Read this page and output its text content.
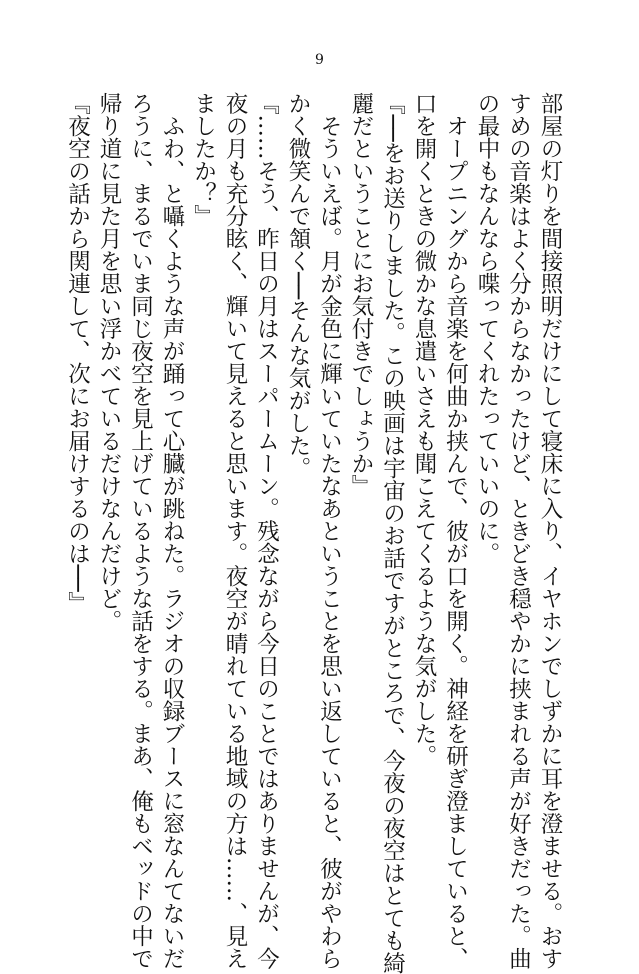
9
部屋の灯りを間接照明だけにして寝床に入り、イヤホンでしずかに耳を澄ませる。おす
すめの音楽はよく分からなかったけど、ときどき穏やかに挟まれる声が好きだった。曲
の最中もなんなら喋ってくれたっていいのに。
　オープニングから音楽を何曲か挟んで、彼が口を開く。神経を研ぎ澄ましていると、
口を開くときの微かな息遣いさえも聞こえてくるような気がした。
『──をお送りしました。この映画は宇宙のお話ですがところで、今夜の夜空はとても綺
麗だということにお気付きでしょうか』
　そういえば。月が金色に輝いていたなあということを思い返していると、彼がやわら
かく微笑んで頷く──そんな気がした。
『……そう、昨日の月はスーパームーン。残念ながら今日のことではありませんが、今
夜の月も充分眩く、輝いて見えると思います。夜空が晴れている地域の方は……、見え
ましたか？』
　ふわ、と囁くような声が踊って心臓が跳ねた。ラジオの収録ブースに窓なんてないだ
ろうに、まるでいま同じ夜空を見上げているような話をする。まあ、俺もベッドの中で
帰り道に見た月を思い浮かべているだけなんだけど。
『夜空の話から関連して、次にお届けするのは──』
